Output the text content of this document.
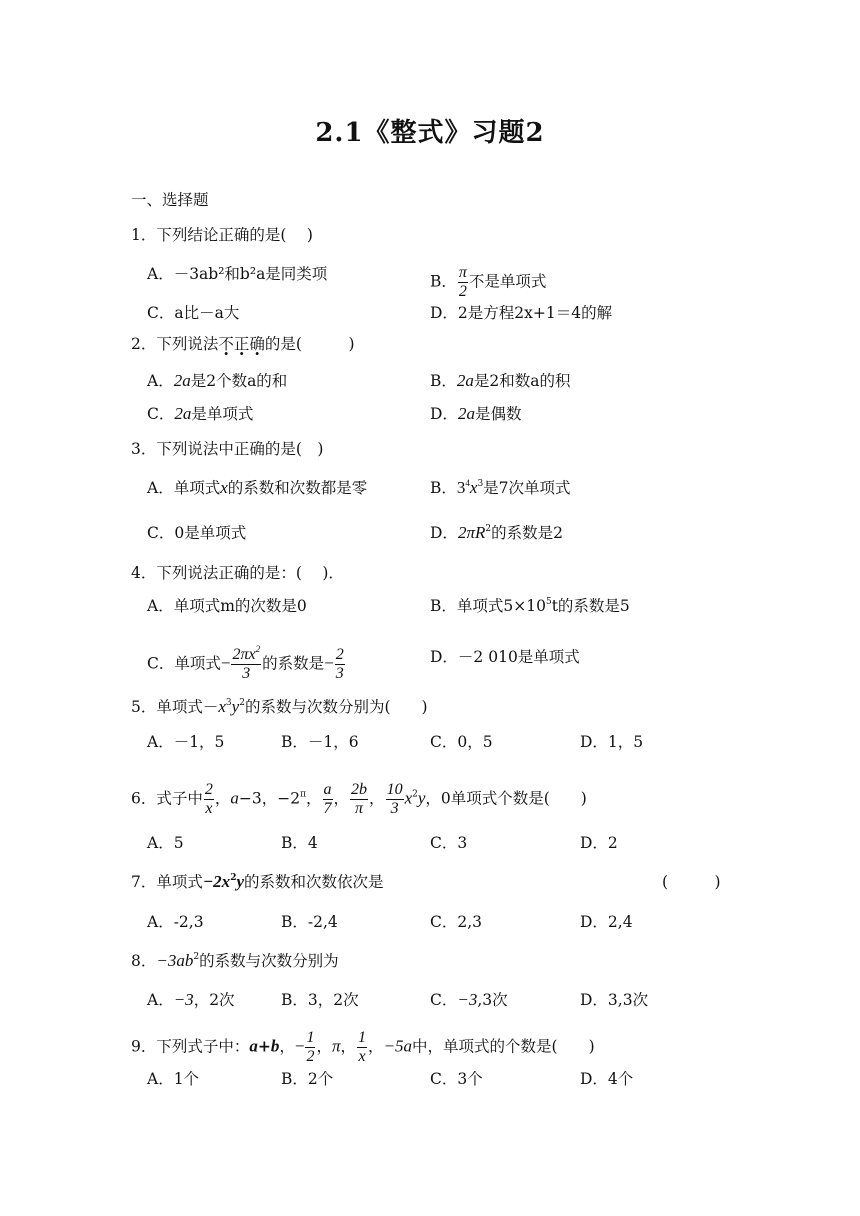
2.1《整式》习题2
一、选择题
1．下列结论正确的是(　 )
A．－3ab²和b²a是同类项	B． $\frac{\pi}{2}$ 不是单项式
C．a比－a大	D．2是方程2x+1＝4的解
2．下列说法不正确的是(　　　)
A．2a是2个数a的和	B．2a是2和数a的积
C．2a是单项式	D．2a是偶数
3．下列说法中正确的是(　)
A．单项式x的系数和次数都是零	B．$3^4x^3$是7次单项式
C．0是单项式	D．$2\pi R^2$的系数是2
4．下列说法正确的是：(　 )．
A．单项式m的次数是0	B．单项式$5\times 10^5t$的系数是5
C．单项式− $\frac{2\pi x^2}{3}$ 的系数是− $\frac{2}{3}$	D．－2 010是单项式
5．单项式$-x^3y^2$的系数与次数分别为(　　)
A．－1，5	B．－1，6	C．0，5	D．1，5
6．式子中 $\frac{2}{x}$ ，a−3，$-2^\pi$， $\frac{a}{7}$ ， $\frac{2b}{\pi}$ ， $\frac{10}{3} x^2y$，0单项式个数是(　　)
A．5	B．4	C．3	D．2
7．单项式$-2x^2y$的系数和次数依次是	(　　　)
A．-2,3	B．-2,4	C．2,3	D．2,4
8．$-3ab^2$的系数与次数分别为
A．−3，2次	B．3，2次	C．−3,3次	D．3,3次
9．下列式子中：a+b，− $\frac{1}{2}$ ，π， $\frac{1}{x}$ ，−5a中，单项式的个数是(　　)
A．1个	B．2个	C．3个	D．4个
